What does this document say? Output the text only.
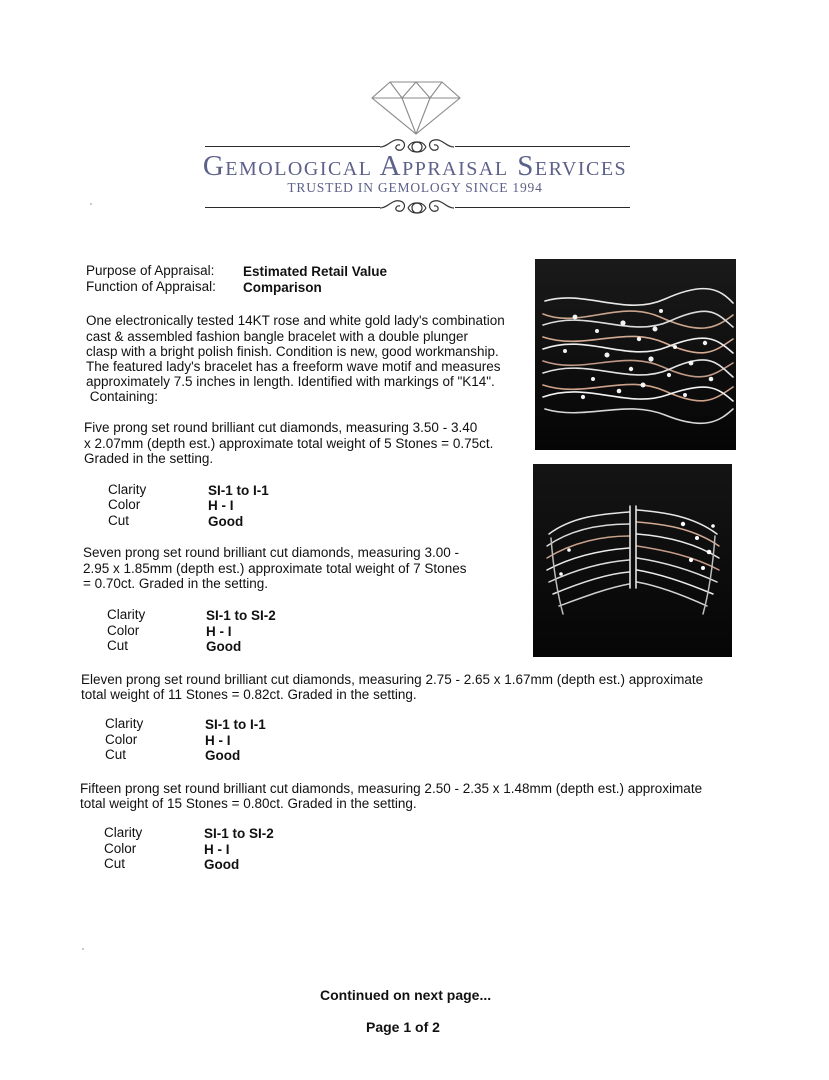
Gemological Appraisal Services
TRUSTED IN GEMOLOGY SINCE 1994
Purpose of Appraisal: Estimated Retail Value
Function of Appraisal: Comparison
One electronically tested 14KT rose and white gold lady's combination
cast & assembled fashion bangle bracelet with a double plunger
clasp with a bright polish finish. Condition is new, good workmanship.
The featured lady's bracelet has a freeform wave motif and measures
approximately 7.5 inches in length. Identified with markings of "K14".
Containing:
Five prong set round brilliant cut diamonds, measuring 3.50 - 3.40
x 2.07mm (depth est.) approximate total weight of 5 Stones = 0.75ct.
Graded in the setting.
Clarity	SI-1 to I-1
Color	H - I
Cut	Good
Seven prong set round brilliant cut diamonds, measuring 3.00 -
2.95 x 1.85mm (depth est.) approximate total weight of 7 Stones
= 0.70ct. Graded in the setting.
Clarity	SI-1 to SI-2
Color	H - I
Cut	Good
Eleven prong set round brilliant cut diamonds, measuring 2.75 - 2.65 x 1.67mm (depth est.) approximate
total weight of 11 Stones = 0.82ct. Graded in the setting.
Clarity	SI-1 to I-1
Color	H - I
Cut	Good
Fifteen prong set round brilliant cut diamonds, measuring 2.50 - 2.35 x 1.48mm (depth est.) approximate
total weight of 15 Stones = 0.80ct. Graded in the setting.
Clarity	SI-1 to SI-2
Color	H - I
Cut	Good
Continued on next page...
Page 1 of 2
